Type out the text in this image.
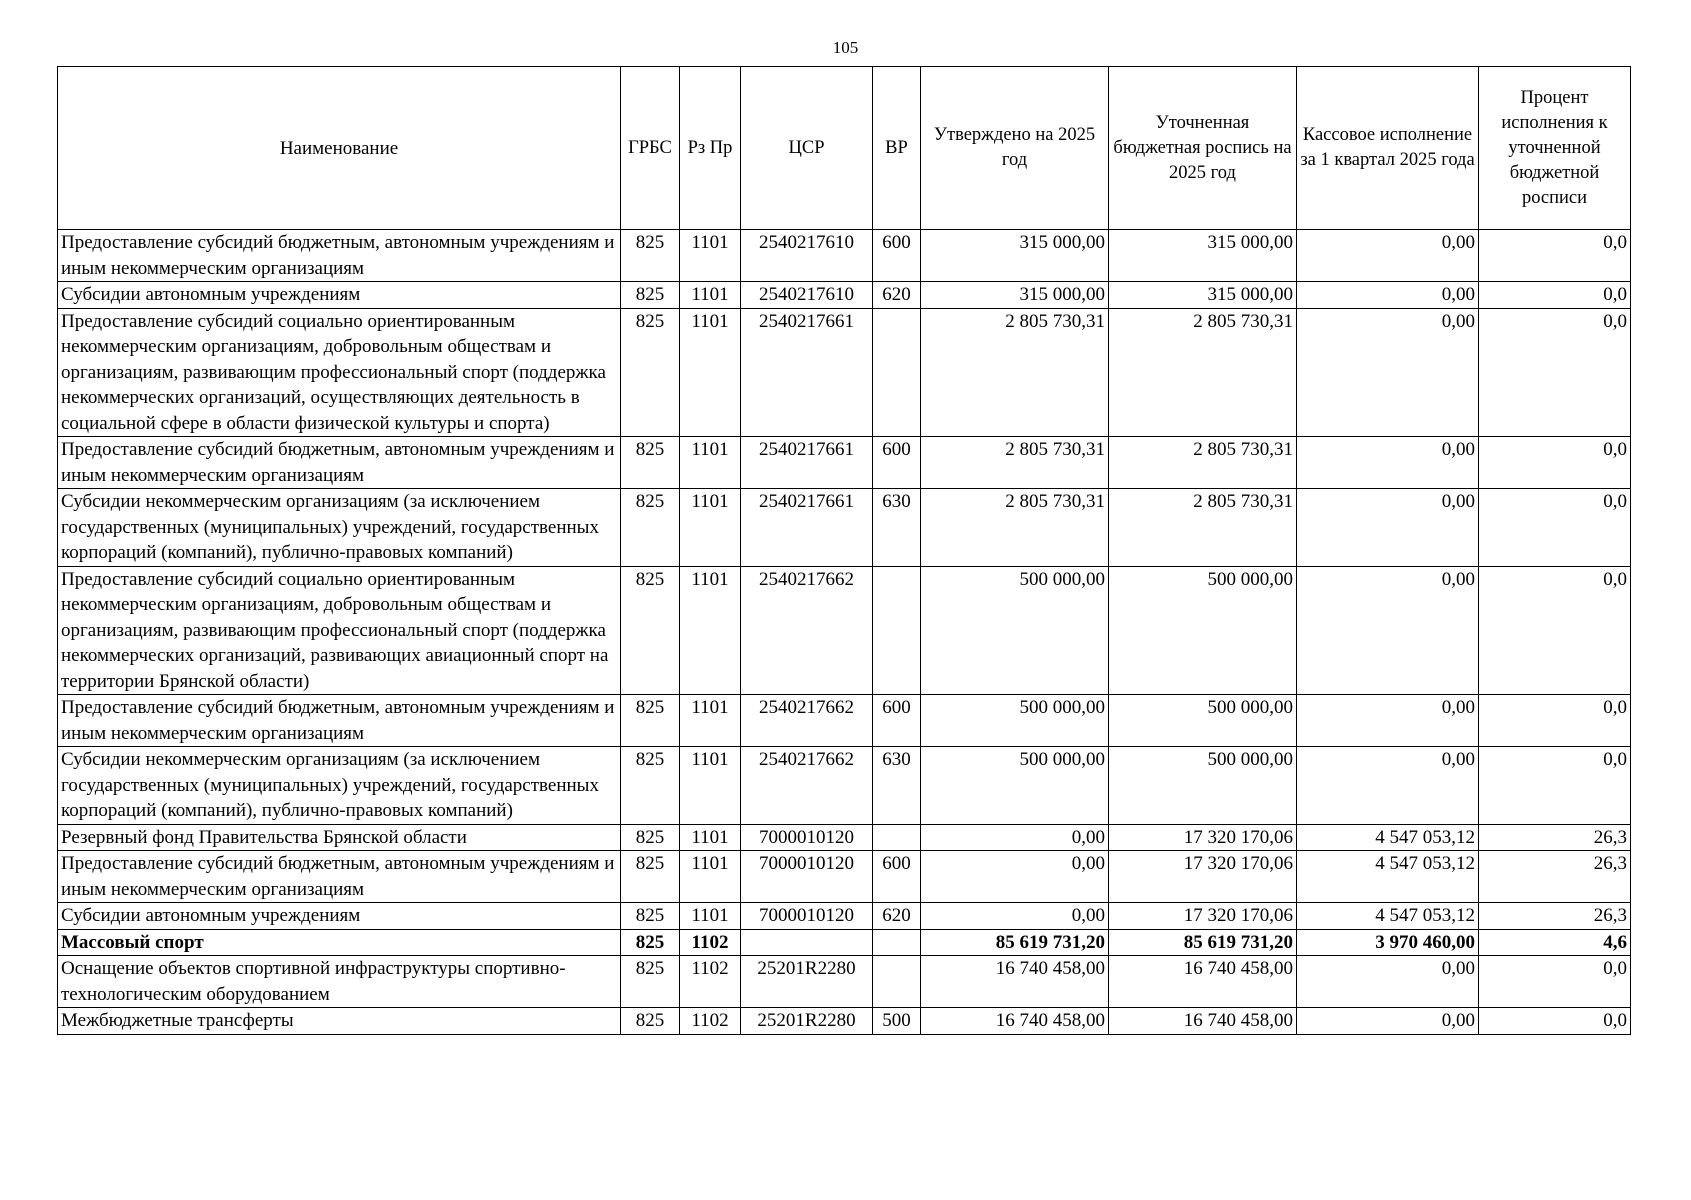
105
Наименование	ГРБС	Рз Пр	ЦСР	ВР	Утверждено на 2025 год	Уточненная бюджетная роспись на 2025 год	Кассовое исполнение за 1 квартал 2025 года	Процент исполнения к уточненной бюджетной росписи
Предоставление субсидий бюджетным, автономным учреждениям и иным некоммерческим организациям	825	1101	2540217610	600	315 000,00	315 000,00	0,00	0,0
Субсидии автономным учреждениям	825	1101	2540217610	620	315 000,00	315 000,00	0,00	0,0
Предоставление субсидий социально ориентированным некоммерческим организациям, добровольным обществам и организациям, развивающим профессиональный спорт (поддержка некоммерческих организаций, осуществляющих деятельность в социальной сфере в области физической культуры и спорта)	825	1101	2540217661		2 805 730,31	2 805 730,31	0,00	0,0
Предоставление субсидий бюджетным, автономным учреждениям и иным некоммерческим организациям	825	1101	2540217661	600	2 805 730,31	2 805 730,31	0,00	0,0
Субсидии некоммерческим организациям (за исключением государственных (муниципальных) учреждений, государственных корпораций (компаний), публично-правовых компаний)	825	1101	2540217661	630	2 805 730,31	2 805 730,31	0,00	0,0
Предоставление субсидий социально ориентированным некоммерческим организациям, добровольным обществам и организациям, развивающим профессиональный спорт (поддержка некоммерческих организаций, развивающих авиационный спорт на территории Брянской области)	825	1101	2540217662		500 000,00	500 000,00	0,00	0,0
Предоставление субсидий бюджетным, автономным учреждениям и иным некоммерческим организациям	825	1101	2540217662	600	500 000,00	500 000,00	0,00	0,0
Субсидии некоммерческим организациям (за исключением государственных (муниципальных) учреждений, государственных корпораций (компаний), публично-правовых компаний)	825	1101	2540217662	630	500 000,00	500 000,00	0,00	0,0
Резервный фонд Правительства Брянской области	825	1101	7000010120		0,00	17 320 170,06	4 547 053,12	26,3
Предоставление субсидий бюджетным, автономным учреждениям и иным некоммерческим организациям	825	1101	7000010120	600	0,00	17 320 170,06	4 547 053,12	26,3
Субсидии автономным учреждениям	825	1101	7000010120	620	0,00	17 320 170,06	4 547 053,12	26,3
Массовый спорт	825	1102			85 619 731,20	85 619 731,20	3 970 460,00	4,6
Оснащение объектов спортивной инфраструктуры спортивно-технологическим оборудованием	825	1102	25201R2280		16 740 458,00	16 740 458,00	0,00	0,0
Межбюджетные трансферты	825	1102	25201R2280	500	16 740 458,00	16 740 458,00	0,00	0,0
